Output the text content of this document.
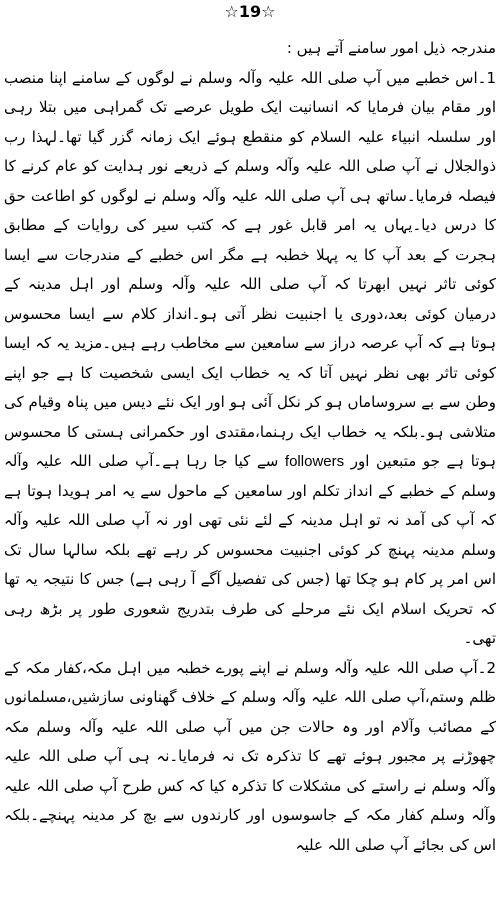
☆19☆

مندرجہ ذیل امور سامنے آتے ہیں :

1۔اس خطبے میں آپ صلی اللہ علیہ وآلہ وسلم نے لوگوں کے سامنے اپنا منصب اور مقام بیان فرمایا کہ انسانیت ایک طویل عرصے تک گمراہی میں بتلا رہی اور سلسلہ انبیاء علیہ السلام کو منقطع ہوئے ایک زمانہ گزر گیا تھا۔لہذا رب ذوالجلال نے آپ صلی اللہ علیہ وآلہ وسلم کے ذریعے نور ہدایت کو عام کرنے کا فیصلہ فرمایا۔ساتھ ہی آپ صلی اللہ علیہ وآلہ وسلم نے لوگوں کو اطاعت حق کا درس دیا۔یہاں یہ امر قابل غور ہے کہ کتب سیر کی روایات کے مطابق ہجرت کے بعد آپ کا یہ پہلا خطبہ ہے مگر اس خطبے کے مندرجات سے ایسا کوئی تاثر نہیں ابھرتا کہ آپ صلی اللہ علیہ وآلہ وسلم اور اہل مدینہ کے درمیان کوئی بعد،دوری یا اجنبیت نظر آتی ہو۔انداز کلام سے ایسا محسوس ہوتا ہے کہ آپ عرصہ دراز سے سامعین سے مخاطب رہے ہیں۔مزید یہ کہ ایسا کوئی تاثر بھی نظر نہیں آتا کہ یہ خطاب ایک ایسی شخصیت کا ہے جو اپنے وطن سے بے سروساماں ہو کر نکل آئی ہو اور ایک نئے دیس میں پناہ وقیام کی متلاشی ہو۔بلکہ یہ خطاب ایک رہنما،مقتدی اور حکمرانی ہستی کا محسوس ہوتا ہے جو متبعین اور followers سے کیا جا رہا ہے۔آپ صلی اللہ علیہ وآلہ وسلم کے خطبے کے انداز تکلم اور سامعین کے ماحول سے یہ امر ہویدا ہوتا ہے کہ آپ کی آمد نہ تو اہل مدینہ کے لئے نئی تھی اور نہ آپ صلی اللہ علیہ وآلہ وسلم مدینہ پہنچ کر کوئی اجنبیت محسوس کر رہے تھے بلکہ سالہا سال تک اس امر پر کام ہو چکا تھا (جس کی تفصیل آگے آ رہی ہے) جس کا نتیجہ یہ تھا کہ تحریک اسلام ایک نئے مرحلے کی طرف بتدریج شعوری طور پر بڑھ رہی تھی۔

2۔آپ صلی اللہ علیہ وآلہ وسلم نے اپنے پورے خطبہ میں اہل مکہ،کفار مکہ کے ظلم وستم،آپ صلی اللہ علیہ وآلہ وسلم کے خلاف گھناونی سازشیں،مسلمانوں کے مصائب وآلام اور وہ حالات جن میں آپ صلی اللہ علیہ وآلہ وسلم مکہ چھوڑنے پر مجبور ہوئے تھے کا تذکرہ تک نہ فرمایا۔نہ ہی آپ صلی اللہ علیہ وآلہ وسلم نے راستے کی مشکلات کا تذکرہ کیا کہ کس طرح آپ صلی اللہ علیہ وآلہ وسلم کفار مکہ کے جاسوسوں اور کارندوں سے بچ کر مدینہ پہنچے۔بلکہ اس کی بجائے آپ صلی اللہ علیہ
